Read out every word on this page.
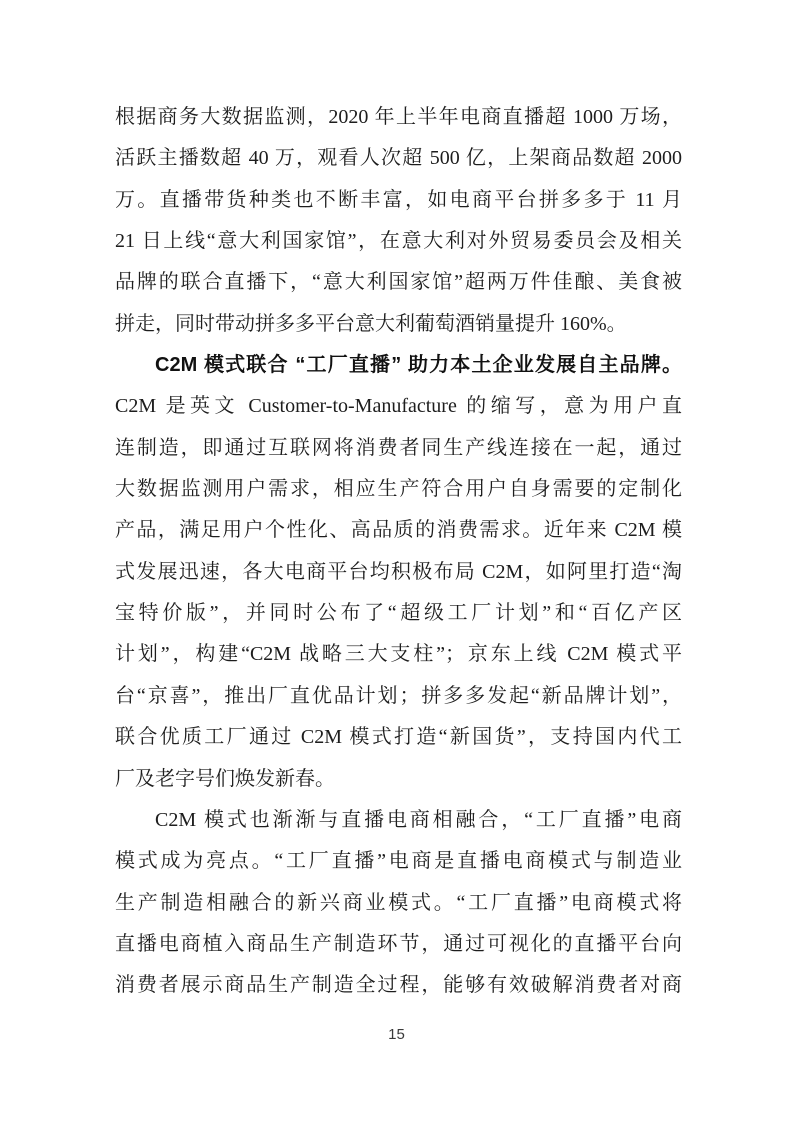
根据商务大数据监测，2020 年上半年电商直播超 1000 万场，
活跃主播数超 40 万，观看人次超 500 亿，上架商品数超 2000
万。直播带货种类也不断丰富，如电商平台拼多多于 11 月
21 日上线“意大利国家馆”，在意大利对外贸易委员会及相关
品牌的联合直播下，“意大利国家馆”超两万件佳酿、美食被
拼走，同时带动拼多多平台意大利葡萄酒销量提升 160%。
C2M 模式联合 “工厂直播” 助力本土企业发展自主品牌。
C2M 是英文 Customer-to-Manufacture 的缩写，意为用户直
连制造，即通过互联网将消费者同生产线连接在一起，通过
大数据监测用户需求，相应生产符合用户自身需要的定制化
产品，满足用户个性化、高品质的消费需求。近年来 C2M 模
式发展迅速，各大电商平台均积极布局 C2M，如阿里打造“淘
宝特价版”，并同时公布了“超级工厂计划”和“百亿产区
计划”，构建“C2M 战略三大支柱”；京东上线 C2M 模式平
台“京喜”，推出厂直优品计划；拼多多发起“新品牌计划”，
联合优质工厂通过 C2M 模式打造“新国货”，支持国内代工
厂及老字号们焕发新春。
C2M 模式也渐渐与直播电商相融合，“工厂直播”电商
模式成为亮点。“工厂直播”电商是直播电商模式与制造业
生产制造相融合的新兴商业模式。“工厂直播”电商模式将
直播电商植入商品生产制造环节，通过可视化的直播平台向
消费者展示商品生产制造全过程，能够有效破解消费者对商
15
